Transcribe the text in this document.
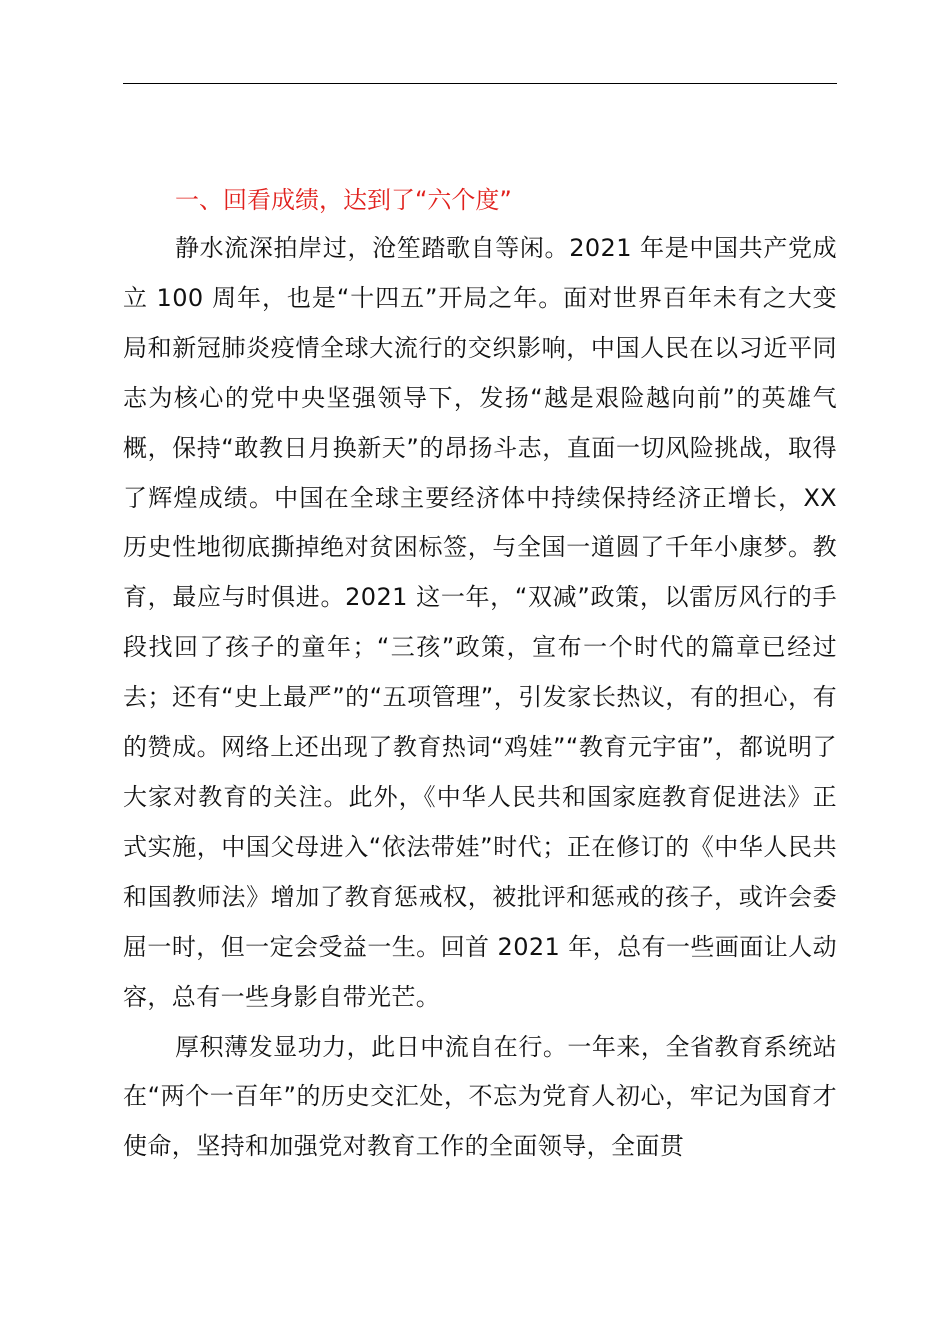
一、回看成绩，达到了“六个度”

静水流深拍岸过，沧笙踏歌自等闲。2021 年是中国共产党成立 100 周年，也是“十四五”开局之年。面对世界百年未有之大变局和新冠肺炎疫情全球大流行的交织影响，中国人民在以习近平同志为核心的党中央坚强领导下，发扬“越是艰险越向前”的英雄气概，保持“敢教日月换新天”的昂扬斗志，直面一切风险挑战，取得了辉煌成绩。中国在全球主要经济体中持续保持经济正增长，XX 历史性地彻底撕掉绝对贫困标签，与全国一道圆了千年小康梦。教育，最应与时俱进。2021 这一年，“双减”政策，以雷厉风行的手段找回了孩子的童年；“三孩”政策，宣布一个时代的篇章已经过去；还有“史上最严”的“五项管理”，引发家长热议，有的担心，有的赞成。网络上还出现了教育热词“鸡娃”“教育元宇宙”，都说明了大家对教育的关注。此外，《中华人民共和国家庭教育促进法》正式实施，中国父母进入“依法带娃”时代；正在修订的《中华人民共和国教师法》增加了教育惩戒权，被批评和惩戒的孩子，或许会委屈一时，但一定会受益一生。回首 2021 年，总有一些画面让人动容，总有一些身影自带光芒。

厚积薄发显功力，此日中流自在行。一年来，全省教育系统站在“两个一百年”的历史交汇处，不忘为党育人初心，牢记为国育才使命，坚持和加强党对教育工作的全面领导，全面贯
